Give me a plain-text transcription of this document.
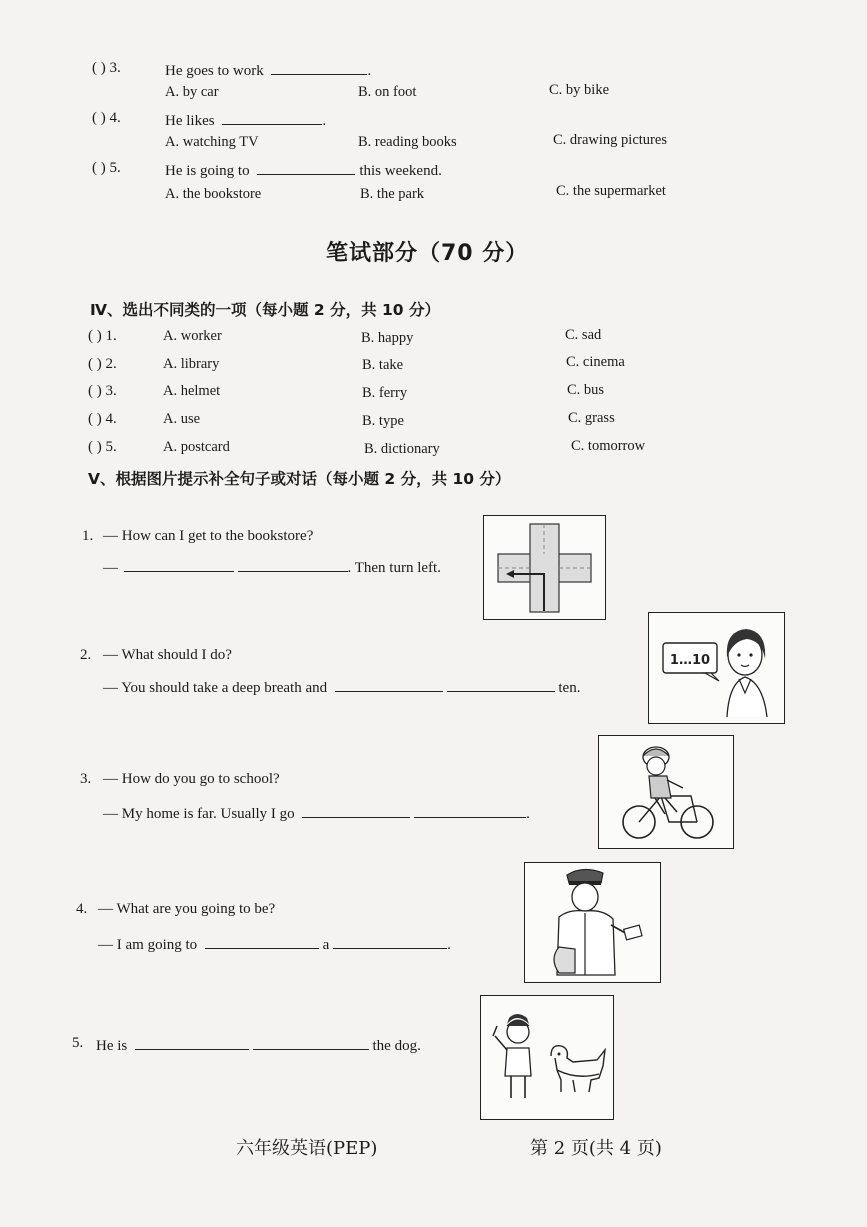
( ) 3.	He goes to work	.
A. by car	B. on foot	C. by bike
( ) 4.	He likes	.
A. watching TV	B. reading books	C. drawing pictures
( ) 5.	He is going to	this weekend.
A. the bookstore	B. the park	C. the supermarket
笔试部分（70 分）
Ⅳ、选出不同类的一项（每小题 2 分，共 10 分）
( ) 1.	A. worker	B. happy	C. sad
( ) 2.	A. library	B. take	C. cinema
( ) 3.	A. helmet	B. ferry	C. bus
( ) 4.	A. use	B. type	C. grass
( ) 5.	A. postcard	B. dictionary	C. tomorrow
Ⅴ、根据图片提示补全句子或对话（每小题 2 分，共 10 分）
1. — How can I get to the bookstore?
—	. Then turn left.
2. — What should I do?
— You should take a deep breath and	ten.
3. — How do you go to school?
— My home is far. Usually I go	.
4. — What are you going to be?
— I am going to	a	.
5. He is	the dog.
1…10
六年级英语(PEP)	第 2 页(共 4 页)
